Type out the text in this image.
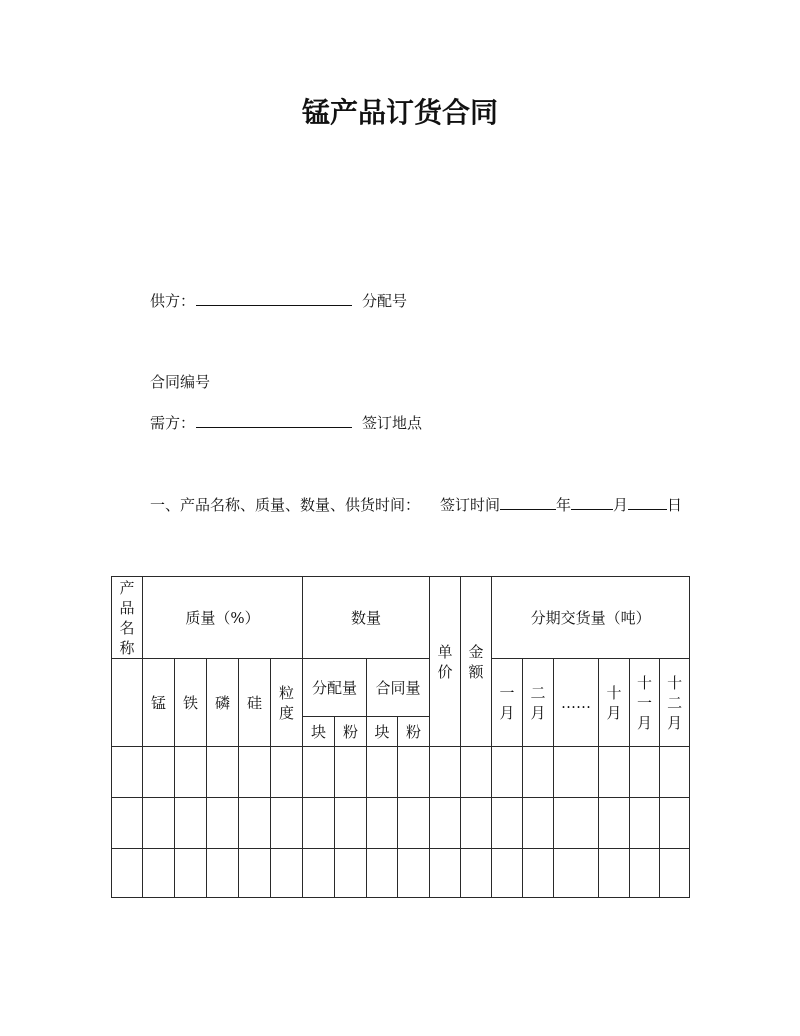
锰产品订货合同
供方：	分配号
合同编号
需方：	签订地点
一、产品名称、质量、数量、供货时间： 签订时间	年	月	日
产品名称	质量（%）					数量				单价	金额	分期交货量（吨）					
	锰	铁	磷	硅	粒度	分配量		合同量				一月	二月	……	十月	十一月	十二月
						块	粉	块	粉								
